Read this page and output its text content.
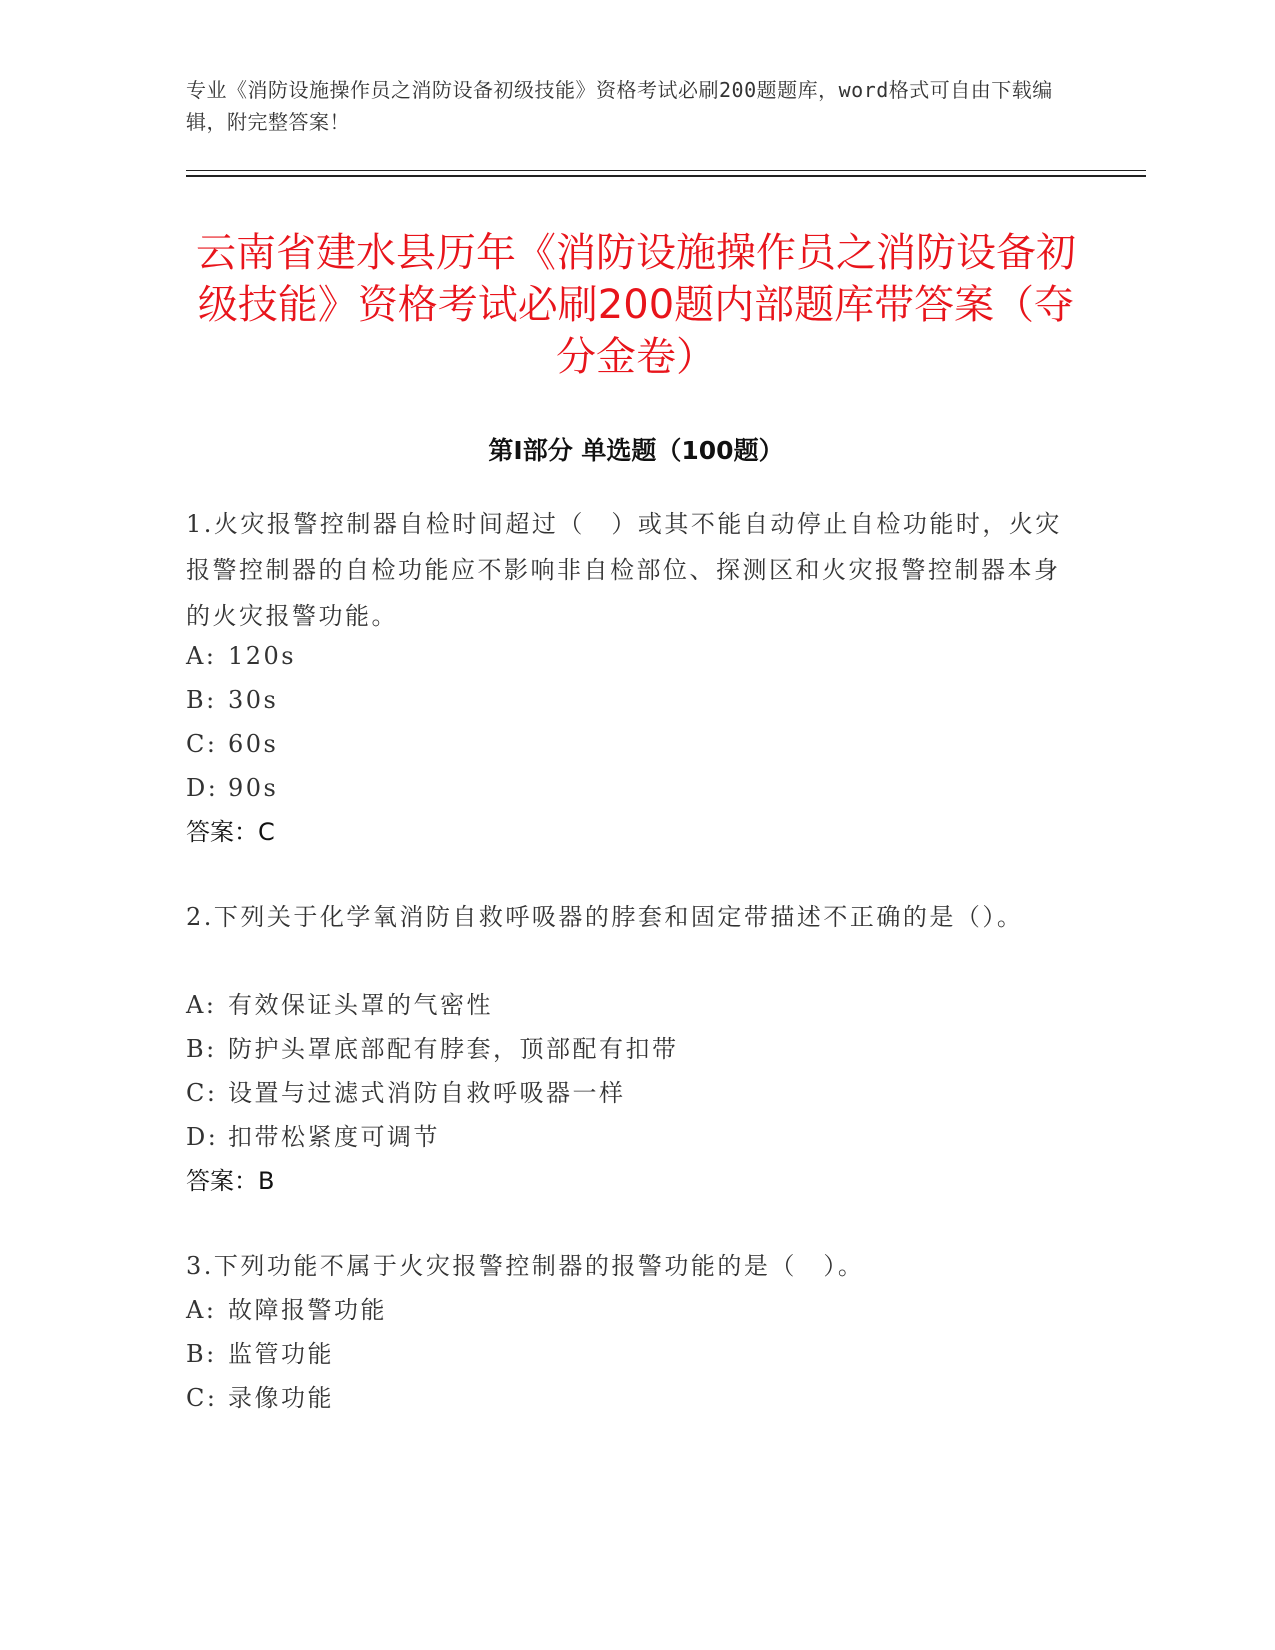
专业《消防设施操作员之消防设备初级技能》资格考试必刷200题题库，word格式可自由下载编辑，附完整答案！
云南省建水县历年《消防设施操作员之消防设备初级技能》资格考试必刷200题内部题库带答案（夺分金卷）
第Ⅰ部分 单选题（100题）
1.火灾报警控制器自检时间超过（　）或其不能自动停止自检功能时，火灾报警控制器的自检功能应不影响非自检部位、探测区和火灾报警控制器本身的火灾报警功能。
A: 120s
B: 30s
C: 60s
D: 90s
答案：C
2.下列关于化学氧消防自救呼吸器的脖套和固定带描述不正确的是（）。
A: 有效保证头罩的气密性
B: 防护头罩底部配有脖套，顶部配有扣带
C: 设置与过滤式消防自救呼吸器一样
D: 扣带松紧度可调节
答案：B
3.下列功能不属于火灾报警控制器的报警功能的是（　）。
A: 故障报警功能
B: 监管功能
C: 录像功能
